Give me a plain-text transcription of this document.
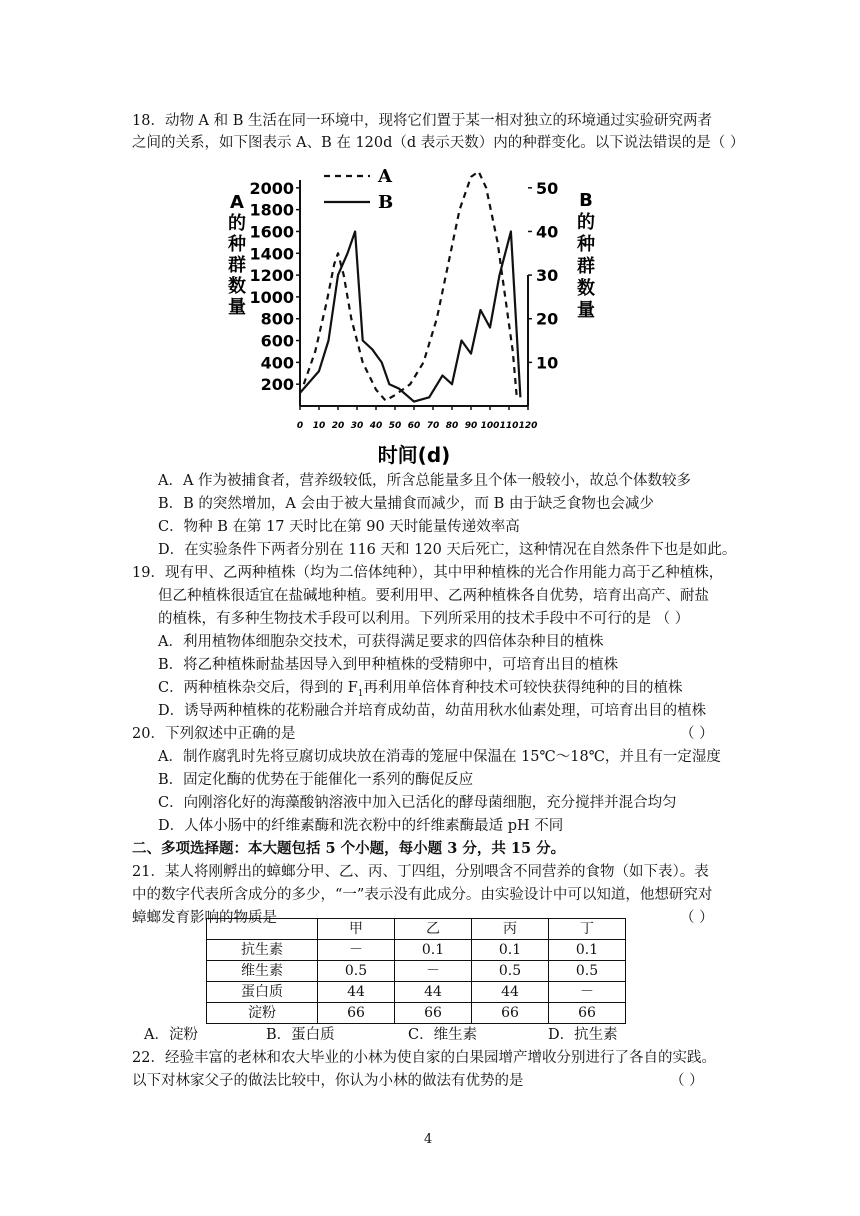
18．动物 A 和 B 生活在同一环境中，现将它们置于某一相对独立的环境通过实验研究两者
之间的关系，如下图表示 A、B 在 120d（d 表示天数）内的种群变化。以下说法错误的是（ ）
0 10 20 30 40 50 60 70 80 90 100 110 120
200
400
600
800
1000
1200
1400
1600
1800
2000
10
20
30
40
50
A
B
A
的
种
群
数
量
B
的
种
群
数
量
时间(d)
A．A 作为被捕食者，营养级较低，所含总能量多且个体一般较小，故总个体数较多
B．B 的突然增加，A 会由于被大量捕食而减少，而 B 由于缺乏食物也会减少
C．物种 B 在第 17 天时比在第 90 天时能量传递效率高
D．在实验条件下两者分别在 116 天和 120 天后死亡，这种情况在自然条件下也是如此。
19．现有甲、乙两种植株（均为二倍体纯种），其中甲种植株的光合作用能力高于乙种植株，
但乙种植株很适宜在盐碱地种植。要利用甲、乙两种植株各自优势，培育出高产、耐盐
的植株，有多种生物技术手段可以利用。下列所采用的技术手段中不可行的是 （ ）
A．利用植物体细胞杂交技术，可获得满足要求的四倍体杂种目的植株
B．将乙种植株耐盐基因导入到甲种植株的受精卵中，可培育出目的植株
C．两种植株杂交后，得到的 $F_1$再利用单倍体育种技术可较快获得纯种的目的植株
D．诱导两种植株的花粉融合并培育成幼苗，幼苗用秋水仙素处理，可培育出目的植株
20．下列叙述中正确的是	（ ）
A．制作腐乳时先将豆腐切成块放在消毒的笼屉中保温在 15℃～18℃，并且有一定湿度
B．固定化酶的优势在于能催化一系列的酶促反应
C．向刚溶化好的海藻酸钠溶液中加入已活化的酵母菌细胞，充分搅拌并混合均匀
D．人体小肠中的纤维素酶和洗衣粉中的纤维素酶最适 pH 不同
二、多项选择题：本大题包括 5 个小题，每小题 3 分，共 15 分。
21．某人将刚孵出的蟑螂分甲、乙、丙、丁四组，分别喂含不同营养的食物（如下表）。表
中的数字代表所含成分的多少，“一”表示没有此成分。由实验设计中可以知道，他想研究对
蟑螂发育影响的物质是	（ ）
	甲	乙	丙	丁
抗生素	－	0.1	0.1	0.1
维生素	0.5	－	0.5	0.5
蛋白质	44	44	44	－
淀粉	66	66	66	66
A．淀粉	B．蛋白质	C．维生素	D．抗生素
22．经验丰富的老林和农大毕业的小林为使自家的白果园增产增收分别进行了各自的实践。
以下对林家父子的做法比较中，你认为小林的做法有优势的是	（ ）
4
